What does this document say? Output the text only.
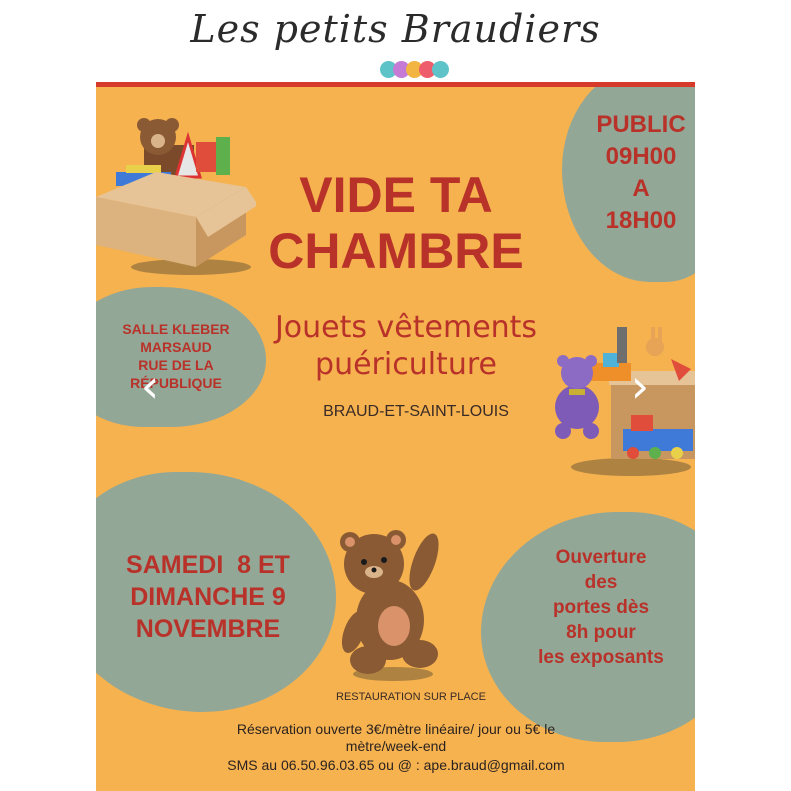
Les petits Braudiers
VIDE TA
CHAMBRE
Jouets vêtements
puériculture
BRAUD-ET-SAINT-LOUIS
PUBLIC
09H00
A
18H00
SALLE KLEBER
MARSAUD
RUE DE LA
RÉPUBLIQUE
SAMEDI  8 ET
DIMANCHE 9
NOVEMBRE
Ouverture
des
portes dès
8h pour
les exposants
RESTAURATION SUR PLACE
Réservation ouverte 3€/mètre linéaire/ jour ou 5€ le
mètre/week-end
SMS au 06.50.96.03.65 ou @ : ape.braud@gmail.com
‹	›
